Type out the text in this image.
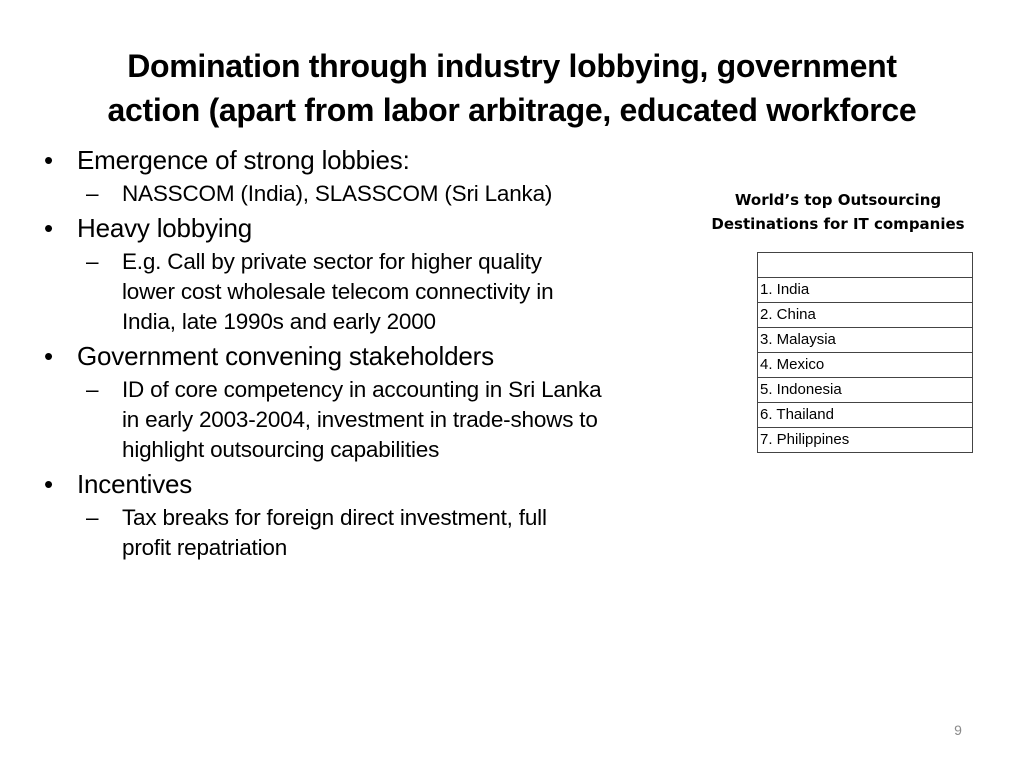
Domination through industry lobbying, government
action (apart from labor arbitrage, educated workforce
• Emergence of strong lobbies:
– NASSCOM (India), SLASSCOM (Sri Lanka)
• Heavy lobbying
– E.g. Call by private sector for higher quality lower cost wholesale telecom connectivity in India, late 1990s and early 2000
• Government convening stakeholders
– ID of core competency in accounting in Sri Lanka in early 2003-2004, investment in trade-shows to highlight outsourcing capabilities
• Incentives
– Tax breaks for foreign direct investment, full profit repatriation

World’s top Outsourcing
Destinations for IT companies

1. India
2. China
3. Malaysia
4. Mexico
5. Indonesia
6. Thailand
7. Philippines

9
